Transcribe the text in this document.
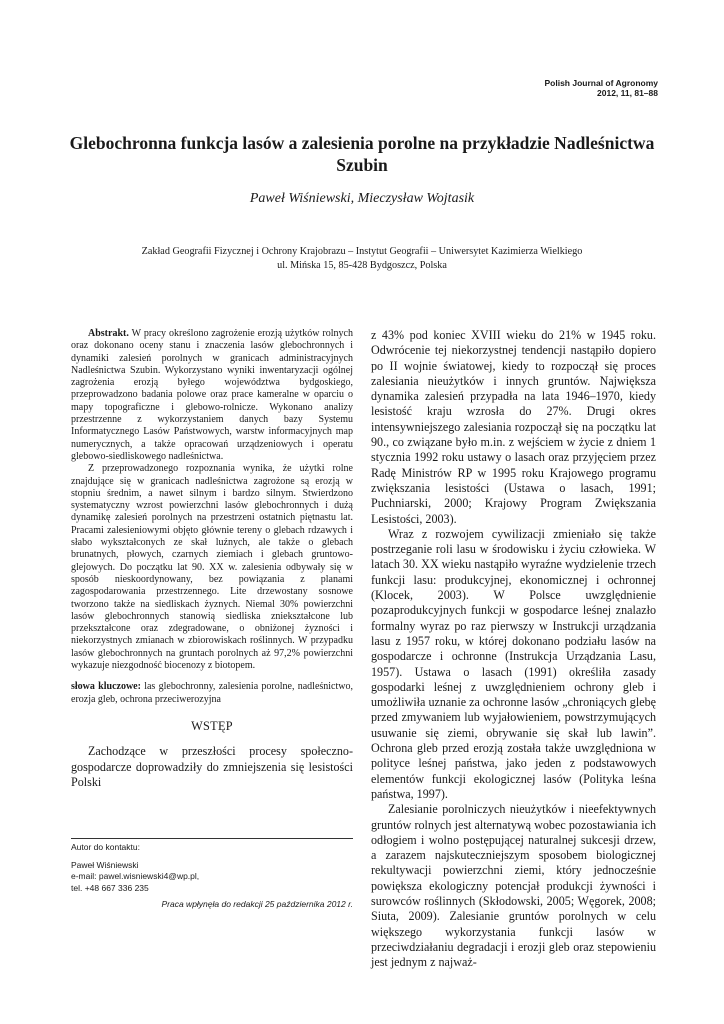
Polish Journal of Agronomy
2012, 11, 81–88
Glebochronna funkcja lasów a zalesienia porolne na przykładzie Nadleśnictwa Szubin

Paweł Wiśniewski, Mieczysław Wojtasik

Zakład Geografii Fizycznej i Ochrony Krajobrazu – Instytut Geografii – Uniwersytet Kazimierza Wielkiego
ul. Mińska 15, 85-428 Bydgoszcz, Polska

Abstrakt. W pracy określono zagrożenie erozją użytków rolnych oraz dokonano oceny stanu i znaczenia lasów glebochronnych i dynamiki zalesień porolnych w granicach administracyjnych Nadleśnictwa Szubin. Wykorzystano wyniki inwentaryzacji ogólnej zagrożenia erozją byłego województwa bydgoskiego, przeprowadzono badania polowe oraz prace kameralne w oparciu o mapy topograficzne i glebowo-rolnicze. Wykonano analizy przestrzenne z wykorzystaniem danych bazy Systemu Informatycznego Lasów Państwowych, warstw informacyjnych map numerycznych, a także opracowań urządzeniowych i operatu glebowo-siedliskowego nadleśnictwa.

Z przeprowadzonego rozpoznania wynika, że użytki rolne znajdujące się w granicach nadleśnictwa zagrożone są erozją w stopniu średnim, a nawet silnym i bardzo silnym. Stwierdzono systematyczny wzrost powierzchni lasów glebochronnych i dużą dynamikę zalesień porolnych na przestrzeni ostatnich piętnastu lat. Pracami zalesieniowymi objęto głównie tereny o glebach rdzawych i słabo wykształconych ze skał luźnych, ale także o glebach brunatnych, płowych, czarnych ziemiach i glebach gruntowo-glejowych. Do początku lat 90. XX w. zalesienia odbywały się w sposób nieskoordynowany, bez powiązania z planami zagospodarowania przestrzennego. Lite drzewostany sosnowe tworzono także na siedliskach żyznych. Niemal 30% powierzchni lasów glebochronnych stanowią siedliska zniekształcone lub przekształcone oraz zdegradowane, o obniżonej żyzności i niekorzystnych zmianach w zbiorowiskach roślinnych. W przypadku lasów glebochronnych na gruntach porolnych aż 97,2% powierzchni wykazuje niezgodność biocenozy z biotopem.

słowa kluczowe: las glebochronny, zalesienia porolne, nadleśnictwo, erozja gleb, ochrona przeciwerozyjna

WSTĘP

Zachodzące w przeszłości procesy społeczno-gospodarcze doprowadziły do zmniejszenia się lesistości Polski

Autor do kontaktu:
Paweł Wiśniewski
e-mail: pawel.wisniewski4@wp.pl,
tel. +48 667 336 235
Praca wpłynęła do redakcji 25 października 2012 r.

z 43% pod koniec XVIII wieku do 21% w 1945 roku. Odwrócenie tej niekorzystnej tendencji nastąpiło dopiero po II wojnie światowej, kiedy to rozpoczął się proces zalesiania nieużytków i innych gruntów. Największa dynamika zalesień przypadła na lata 1946–1970, kiedy lesistość kraju wzrosła do 27%. Drugi okres intensywniejszego zalesiania rozpoczął się na początku lat 90., co związane było m.in. z wejściem w życie z dniem 1 stycznia 1992 roku ustawy o lasach oraz przyjęciem przez Radę Ministrów RP w 1995 roku Krajowego programu zwiększania lesistości (Ustawa o lasach, 1991; Puchniarski, 2000; Krajowy Program Zwiększania Lesistości, 2003).

Wraz z rozwojem cywilizacji zmieniało się także postrzeganie roli lasu w środowisku i życiu człowieka. W latach 30. XX wieku nastąpiło wyraźne wydzielenie trzech funkcji lasu: produkcyjnej, ekonomicznej i ochronnej (Klocek, 2003). W Polsce uwzględnienie pozaprodukcyjnych funkcji w gospodarce leśnej znalazło formalny wyraz po raz pierwszy w Instrukcji urządzania lasu z 1957 roku, w której dokonano podziału lasów na gospodarcze i ochronne (Instrukcja Urządzania Lasu, 1957). Ustawa o lasach (1991) określiła zasady gospodarki leśnej z uwzględnieniem ochrony gleb i umożliwiła uznanie za ochronne lasów „chroniących glebę przed zmywaniem lub wyjałowieniem, powstrzymujących usuwanie się ziemi, obrywanie się skał lub lawin”. Ochrona gleb przed erozją została także uwzględniona w polityce leśnej państwa, jako jeden z podstawowych elementów funkcji ekologicznej lasów (Polityka leśna państwa, 1997).

Zalesianie porolniczych nieużytków i nieefektywnych gruntów rolnych jest alternatywą wobec pozostawiania ich odłogiem i wolno postępującej naturalnej sukcesji drzew, a zarazem najskuteczniejszym sposobem biologicznej rekultywacji powierzchni ziemi, który jednocześnie powiększa ekologiczny potencjał produkcji żywności i surowców roślinnych (Skłodowski, 2005; Węgorek, 2008; Siuta, 2009). Zalesianie gruntów porolnych w celu większego wykorzystania funkcji lasów w przeciwdziałaniu degradacji i erozji gleb oraz stepowieniu jest jednym z najważ-
